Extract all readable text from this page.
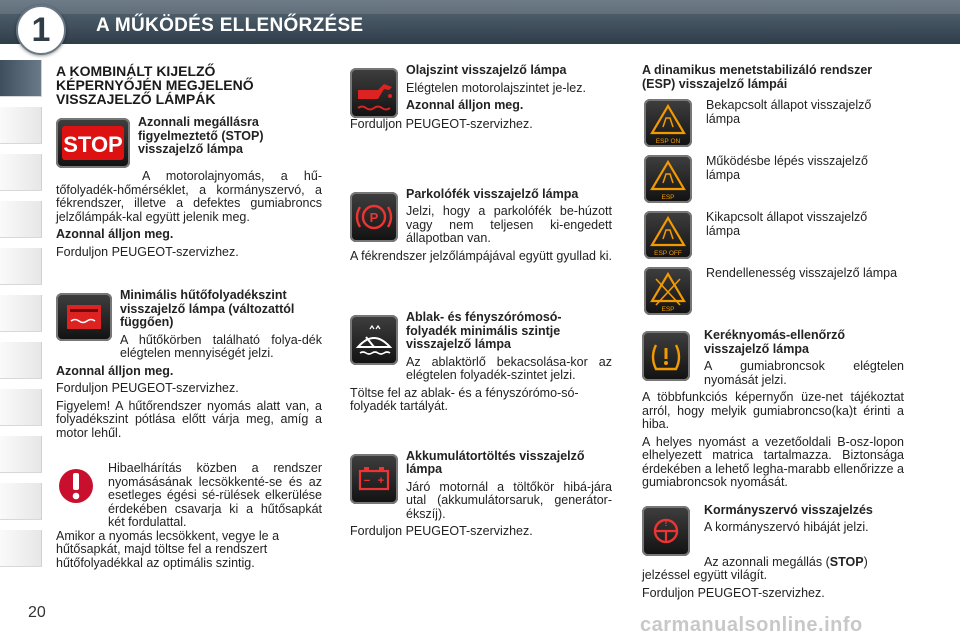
A MŰKÖDÉS ELLENŐRZÉSE
1
A KOMBINÁLT KIJELZŐ KÉPERNYŐJÉN MEGJELENŐ VISSZAJELZŐ LÁMPÁK
STOP

Azonnali megállásra figyelmeztető (STOP) visszajelző lámpa

A motorolajnyomás, a hű-tőfolyadék-hőmérséklet, a kormányszervó, a fékrendszer, illetve a defektes gumiabroncs jelzőlámpák-kal együtt jelenik meg.

Azonnal álljon meg.

Forduljon PEUGEOT-szervizhez.

Minimális hűtőfolyadékszint visszajelző lámpa (változattól függően)

A hűtőkörben található folya-dék elégtelen mennyiségét jelzi.

Azonnal álljon meg.

Forduljon PEUGEOT-szervizhez.

Figyelem! A hűtőrendszer nyomás alatt van, a folyadékszint pótlása előtt várja meg, amíg a motor lehűl.

Hibaelhárítás közben a rendszer nyomásásának lecsökkenté-se és az esetleges égési sé-rülések elkerülése érdekében csavarja ki a hűtősapkát két fordulattal.

Amikor a nyomás lecsökkent, vegye le a hűtősapkát, majd töltse fel a rendszert hűtőfolyadékkal az optimális szintig.

Olajszint visszajelző lámpa

Elégtelen motorolajszintet je-lez.

Azonnal álljon meg.

Forduljon PEUGEOT-szervizhez.

P

Parkolófék visszajelző lámpa

Jelzi, hogy a parkolófék be-húzott vagy nem teljesen ki-engedett állapotban van.

A fékrendszer jelzőlámpájával együtt gyullad ki.

Ablak- és fényszórómosó-folyadék minimális szintje visszajelző lámpa

Az ablaktörlő bekacsolása-kor az elégtelen folyadék-szintet jelzi.

Töltse fel az ablak- és a fényszórómo-só-folyadék tartályát.

− +

Akkumulátortöltés visszajelző lámpa

Járó motornál a töltőkör hibá-jára utal (akkumulátorsaruk, generátor-ékszíj).

Forduljon PEUGEOT-szervizhez.

A dinamikus menetstabilizáló rendszer (ESP) visszajelző lámpái

ESP ON

Bekapcsolt állapot visszajelző lámpa

ESP

Működésbe lépés visszajelző lámpa

ESP OFF

Kikapcsolt állapot visszajelző lámpa

ESP

Rendellenesség visszajelző lámpa

Keréknyomás-ellenőrző visszajelző lámpa

A gumiabroncsok elégtelen nyomását jelzi.

A többfunkciós képernyőn üze-net tájékoztat arról, hogy melyik gumiabroncso(ka)t érinti a hiba.

A helyes nyomást a vezetőoldali B-osz-lopon elhelyezett matrica tartalmazza. Biztonsága érdekében a lehető legha-marabb ellenőrizze a gumiabroncsok nyomását.

!

Kormányszervó visszajelzés

A kormányszervó hibáját jelzi.

Az azonnali megállás (STOP) jelzéssel együtt világít.

Forduljon PEUGEOT-szervizhez.

20
carmanualsonline.info
